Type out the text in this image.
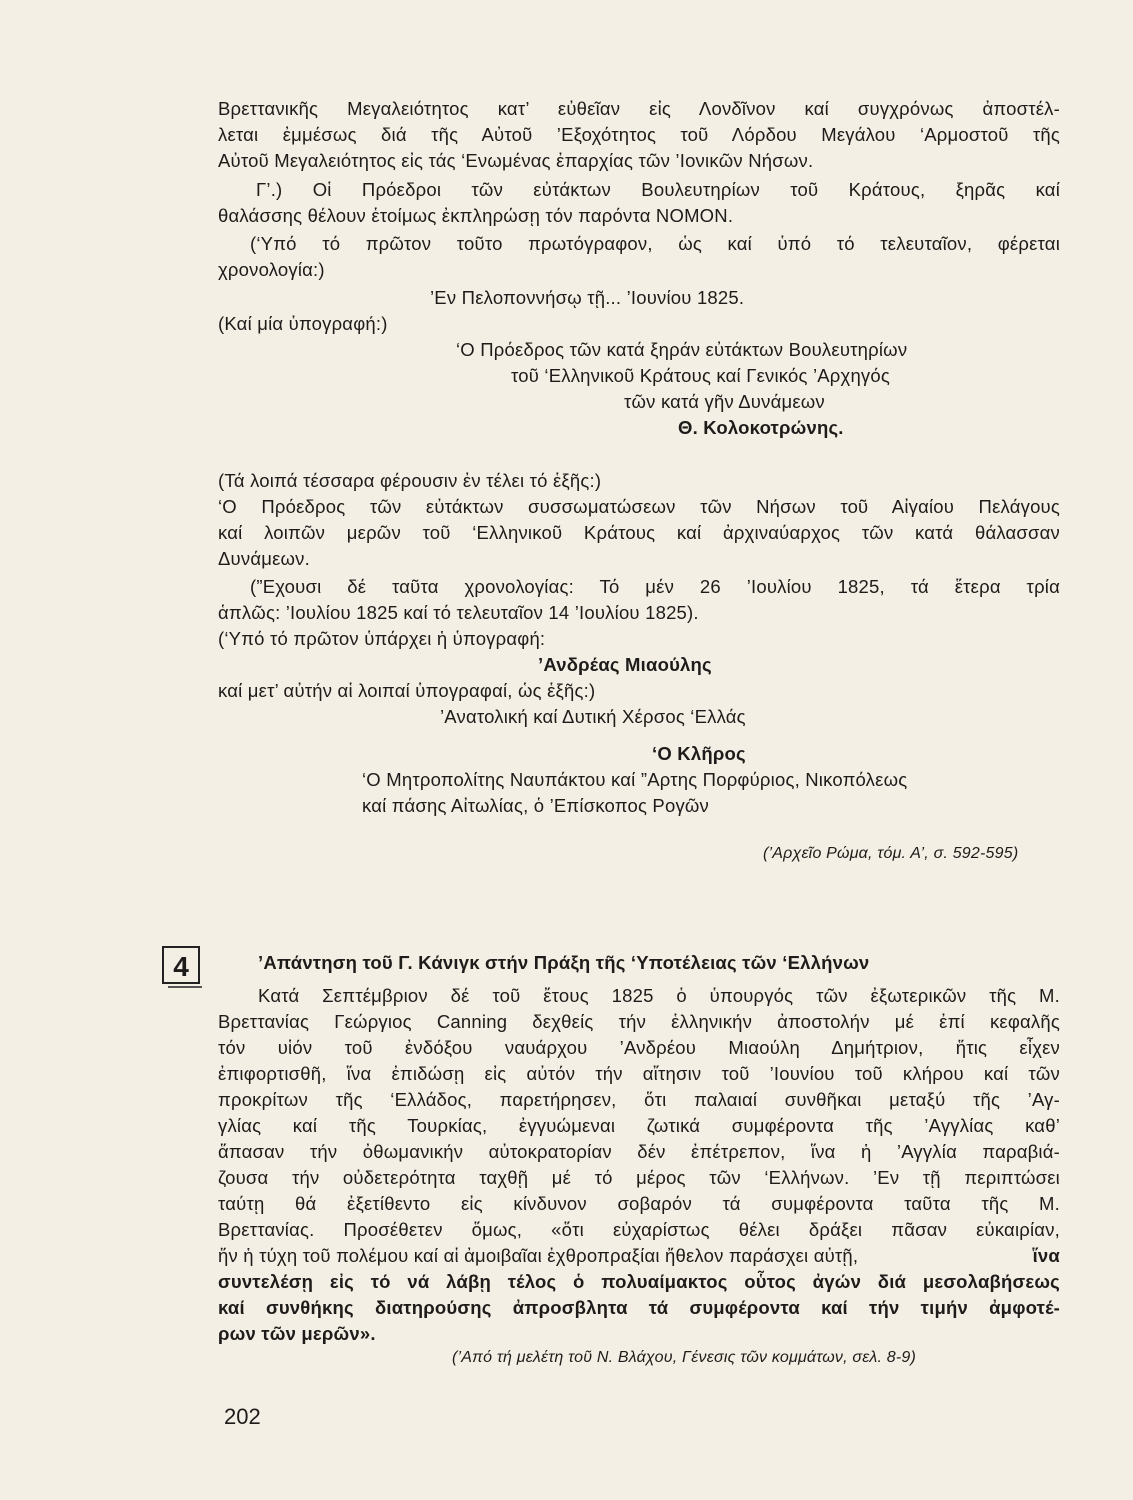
Βρεττανικῆς Μεγαλειότητος κατ’ εὐθεῖαν εἰς Λονδῖνον καί συγχρόνως ἀποστέλ-
λεται ἐμμέσως διά τῆς Αὐτοῦ ’Εξοχότητος τοῦ Λόρδου Μεγάλου ‘Αρμοστοῦ τῆς
Αὐτοῦ Μεγαλειότητος εἰς τάς ‘Ενωμένας ἐπαρχίας τῶν ’Ιονικῶν Νήσων.
Γ’.) Οἱ Πρόεδροι τῶν εὐτάκτων Βουλευτηρίων τοῦ Κράτους, ξηρᾶς καί
θαλάσσης θέλουν ἑτοίμως ἐκπληρώσῃ τόν παρόντα ΝΟΜΟΝ.
(‘Υπό τό πρῶτον τοῦτο πρωτόγραφον, ὡς καί ὑπό τό τελευταῖον, φέρεται
χρονολογία:)
’Εν Πελοποννήσῳ τῇ... ’Ιουνίου 1825.
(Καί μία ὑπογραφή:)
‘Ο Πρόεδρος τῶν κατά ξηράν εὐτάκτων Βουλευτηρίων
τοῦ ‘Ελληνικοῦ Κράτους καί Γενικός ’Αρχηγός
τῶν κατά γῆν Δυνάμεων
Θ. Κολοκοτρώνης.
(Τά λοιπά τέσσαρα φέρουσιν ἐν τέλει τό ἑξῆς:)
‘Ο Πρόεδρος τῶν εὐτάκτων συσσωματώσεων τῶν Νήσων τοῦ Αἰγαίου Πελάγους
καί λοιπῶν μερῶν τοῦ ‘Ελληνικοῦ Κράτους καί ἀρχιναύαρχος τῶν κατά θάλασσαν
Δυνάμεων.
(”Εχουσι δέ ταῦτα χρονολογίας: Τό μέν 26 ’Ιουλίου 1825, τά ἕτερα τρία
ἁπλῶς: ’Ιουλίου 1825 καί τό τελευταῖον 14 ’Ιουλίου 1825).
(‘Υπό τό πρῶτον ὑπάρχει ἡ ὑπογραφή:
’Ανδρέας Μιαούλης
καί μετ’ αὐτήν αἱ λοιπαί ὑπογραφαί, ὡς ἑξῆς:)
’Ανατολική καί Δυτική Χέρσος ‘Ελλάς
‘Ο Κλῆρος
‘Ο Μητροπολίτης Ναυπάκτου καί ”Αρτης Πορφύριος, Νικοπόλεως
καί πάσης Αἰτωλίας, ὁ ’Επίσκοπος Ρογῶν
(’Αρχεῖο Ρώμα, τόμ. Α’, σ. 592-595)
4	’Απάντηση τοῦ Γ. Κάνιγκ στήν Πράξη τῆς ‘Υποτέλειας τῶν ‘Ελλήνων
Κατά Σεπτέμβριον δέ τοῦ ἔτους 1825 ὁ ὑπουργός τῶν ἐξωτερικῶν τῆς Μ.
Βρεττανίας Γεώργιος Canning δεχθείς τήν ἑλληνικήν ἀποστολήν μέ ἐπί κεφαλῆς
τόν υἱόν τοῦ ἐνδόξου ναυάρχου ’Ανδρέου Μιαούλη Δημήτριον, ἥτις εἶχεν
ἐπιφορτισθῆ, ἵνα ἐπιδώσῃ εἰς αὐτόν τήν αἴτησιν τοῦ ’Ιουνίου τοῦ κλήρου καί τῶν
προκρίτων τῆς ‘Ελλάδος, παρετήρησεν, ὅτι παλαιαί συνθῆκαι μεταξύ τῆς ’Αγ-
γλίας καί τῆς Τουρκίας, ἐγγυώμεναι ζωτικά συμφέροντα τῆς ’Αγγλίας καθ’
ἅπασαν τήν ὀθωμανικήν αὐτοκρατορίαν δέν ἐπέτρεπον, ἵνα ἡ ’Αγγλία παραβιά-
ζουσα τήν οὐδετερότητα ταχθῇ μέ τό μέρος τῶν ‘Ελλήνων. ’Εν τῇ περιπτώσει
ταύτῃ θά ἐξετίθεντο εἰς κίνδυνον σοβαρόν τά συμφέροντα ταῦτα τῆς Μ.
Βρεττανίας. Προσέθετεν ὅμως, «ὅτι εὐχαρίστως θέλει δράξει πᾶσαν εὐκαιρίαν,
ἥν ἡ τύχη τοῦ πολέμου καί αἱ ἀμοιβαῖαι ἐχθροπραξίαι ἤθελον παράσχει αὐτῇ,	ἵνα
συντελέσῃ εἰς τό νά λάβῃ τέλος ὁ πολυαίμακτος οὗτος ἀγών διά μεσολαβήσεως
καί συνθήκης διατηρούσης ἀπροσβλητα τά συμφέροντα καί τήν τιμήν ἀμφοτέ-
ρων τῶν μερῶν».
(’Από τή μελέτη τοῦ Ν. Βλάχου, Γένεσις τῶν κομμάτων, σελ. 8-9)
202
